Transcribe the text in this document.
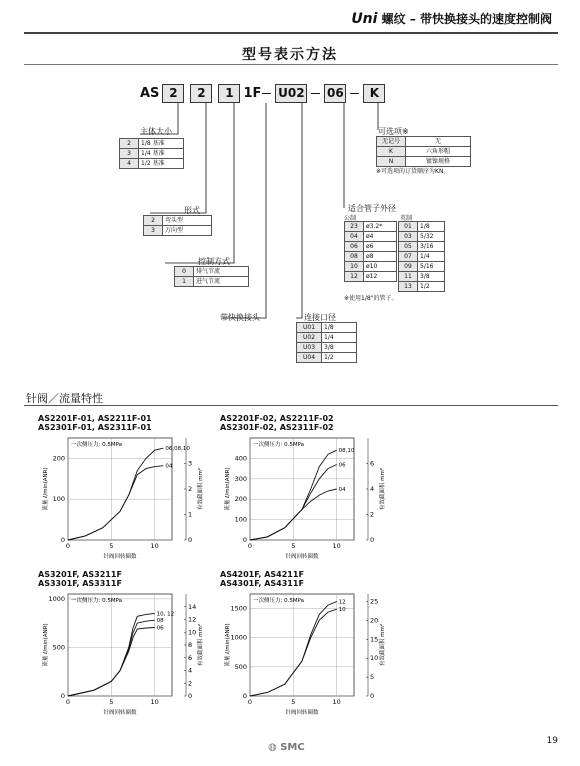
Uni 螺纹 – 带快换接头的速度控制阀
型号表示方法
AS 2	2	1 1F U02 06	K
主体大小
2	1/8 基准
3	1/4 基准
4	1/2 基准
形式
2	弯头型
3	万向型
控制方式
0	排气节流
1	进气节流
带快换接头	连接口径
U01	1/8
U02	1/4
U03	3/8
U04	1/2
适合管子外径
公制	英制
23	ø3.2*
04	ø4
06	ø6
08	ø8
10	ø10
12	ø12
01	1/8
03	5/32
05	3/16
07	1/4
09	5/16
11	3/8
13	1/2
※使用1/8"的管子。
可选项※
无记号	无
K	六角形帽
N	镀镍规格
※可选项的订货顺序为KN。
针阀／流量特性
AS2201F-01, AS2211F-01
AS2301F-01, AS2311F-01
AS2201F-02, AS2211F-02
AS2301F-02, AS2311F-02
AS3201F, AS3211F
AS3301F, AS3311F
AS4201F, AS4211F
AS4301F, AS4311F
0
100
200
0	5	10
0
1
2
3
一次侧压力: 0.5MPa
针阀回转圈数
流量 ℓ/min(ANR)	有效截面积 mm²
06,08,10
04
0
100
200
300
400
0	5	10
0
2
4
6
一次侧压力: 0.5MPa
针阀回转圈数
流量 ℓ/min(ANR)	有效截面积 mm²
08,10
06
04
0
500
1000
0	5	10
0
2
4
6
8
10
12
14
一次侧压力: 0.5MPa
针阀回转圈数
流量 ℓ/min(ANR)	有效截面积 mm²
10, 12
08
06
0
500
1000
1500
0	5	10
0
5
10
15
20
25
一次侧压力: 0.5MPa
针阀回转圈数
流量 ℓ/min(ANR)	有效截面积 mm²
12
10
◍ SMC
19
